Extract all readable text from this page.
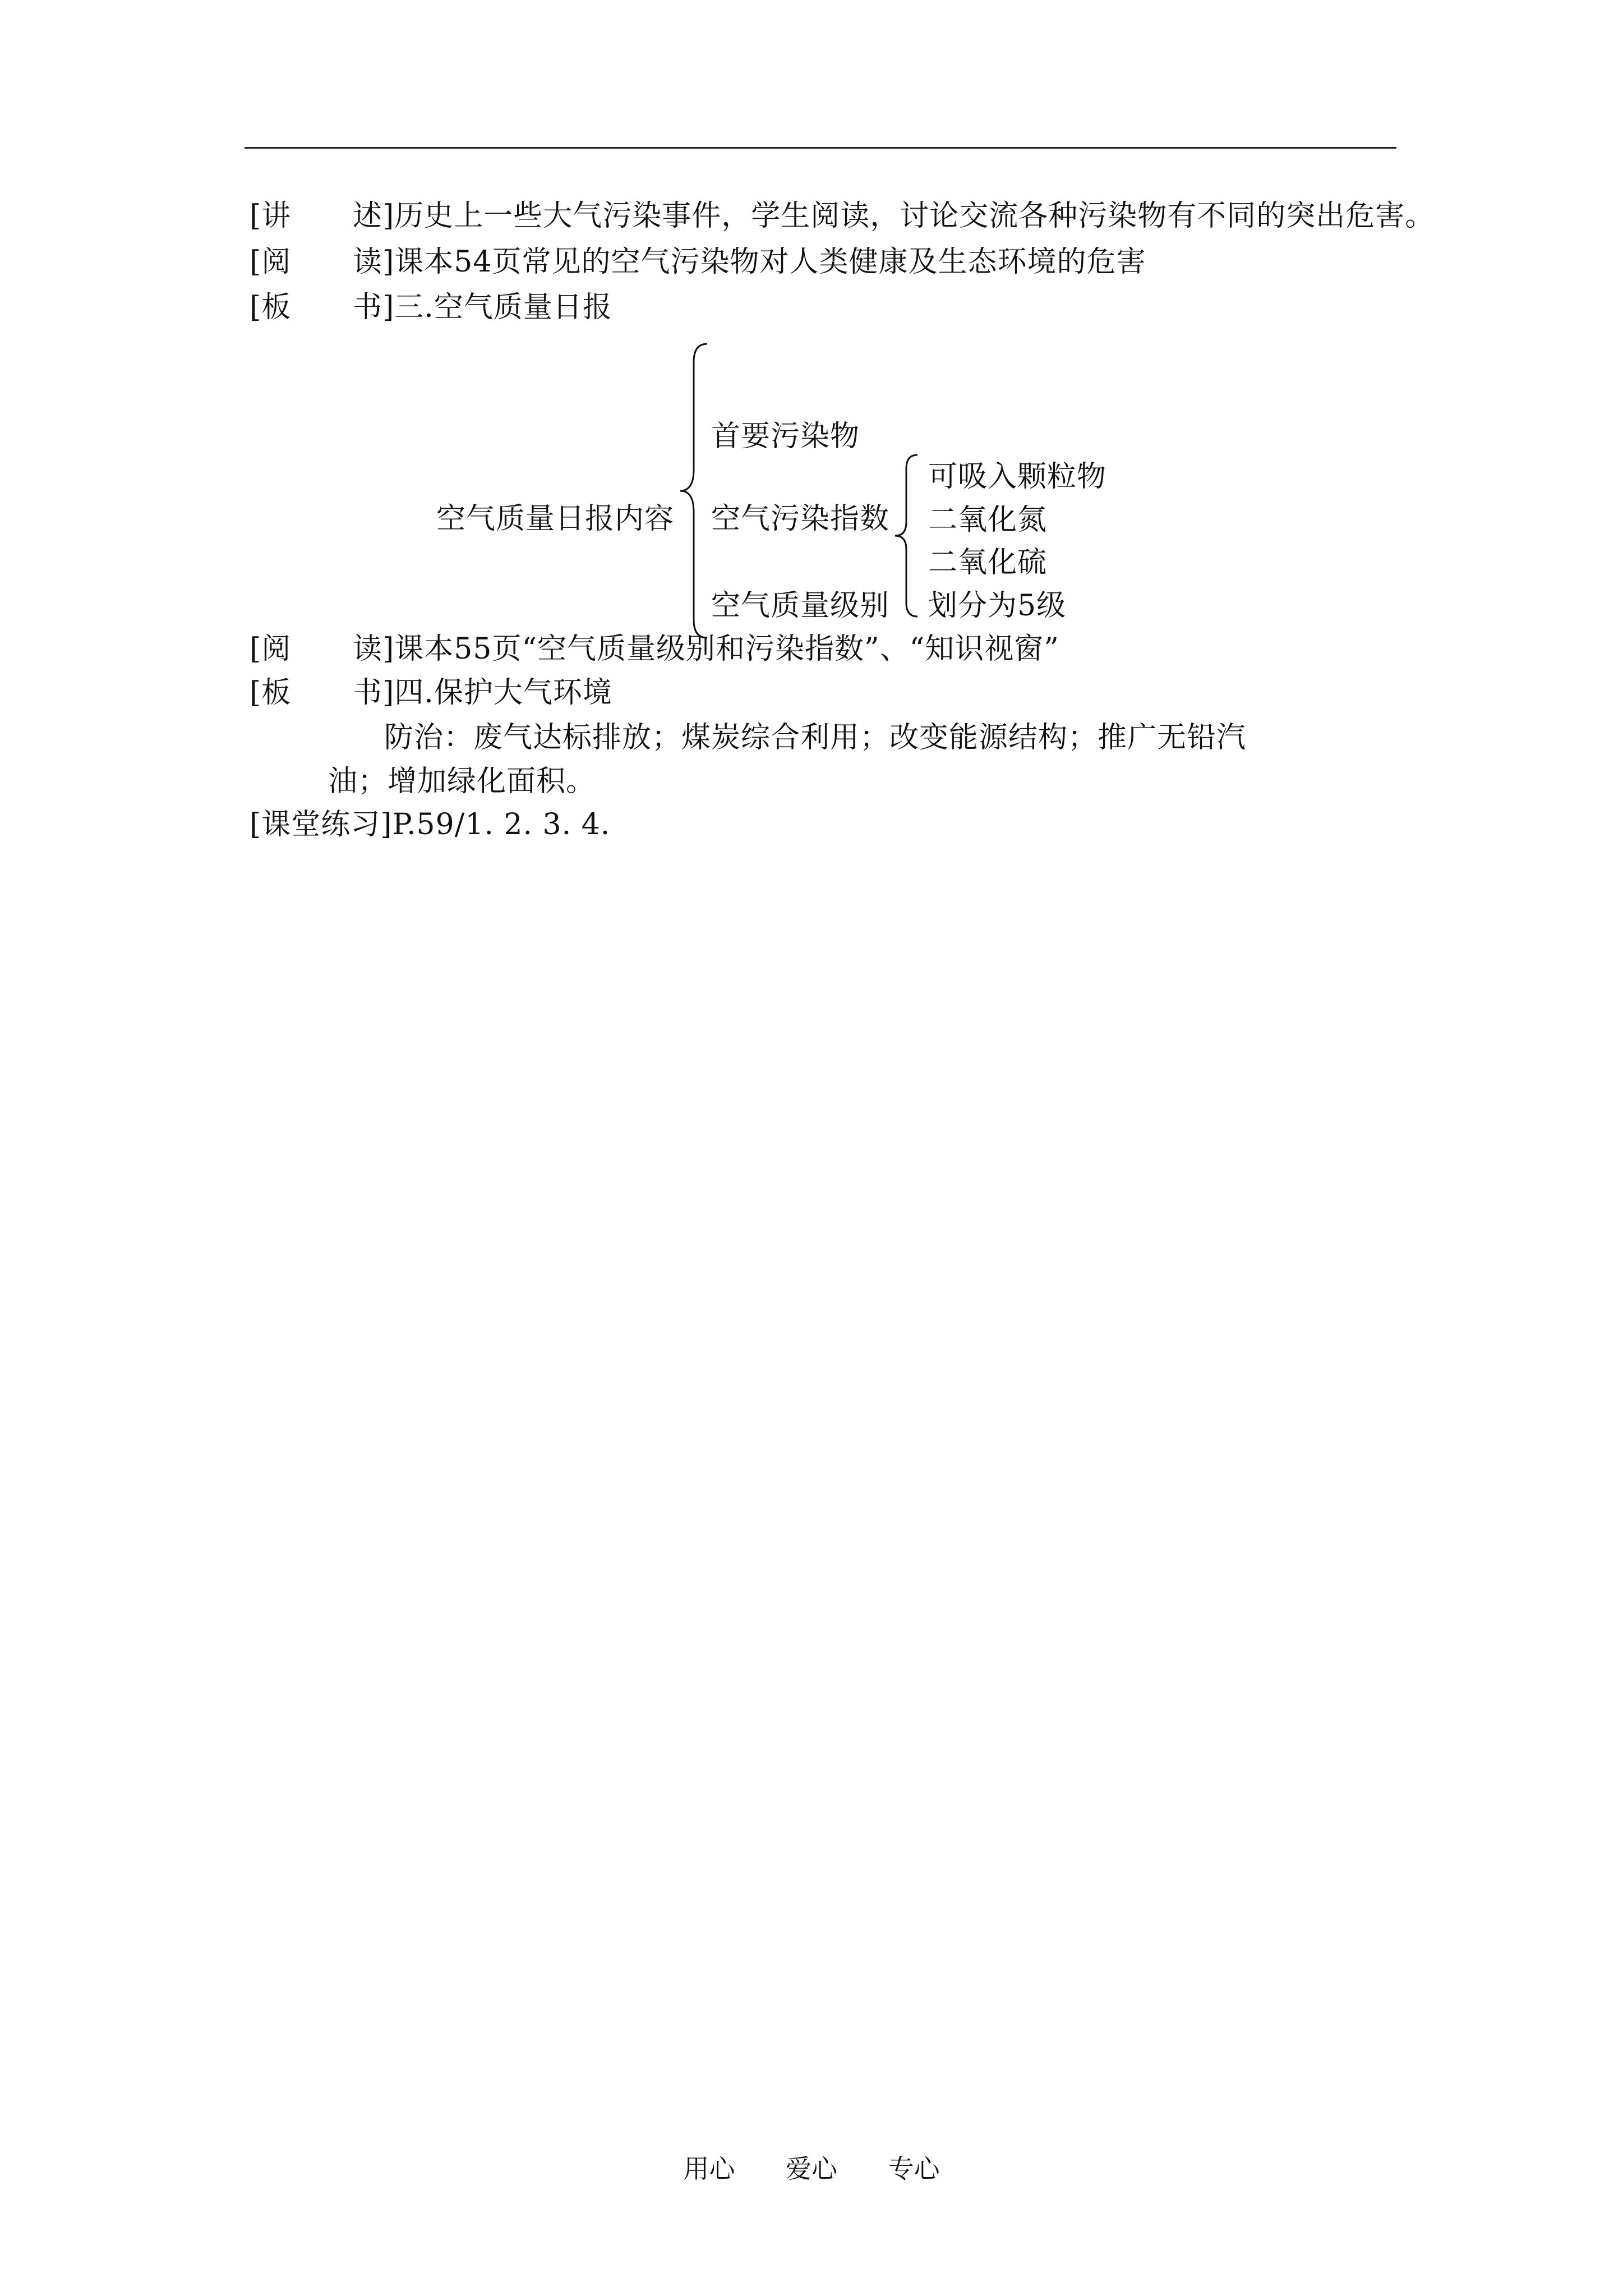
[讲 述]历史上一些大气污染事件，学生阅读，讨论交流各种污染物有不同的突出危害。
[阅 读]课本54页常见的空气污染物对人类健康及生态环境的危害
[板 书]三.空气质量日报
空气质量日报内容
首要污染物
空气污染指数
空气质量级别
可吸入颗粒物
二氧化氮
二氧化硫
划分为5级
[阅 读]课本55页“空气质量级别和污染指数”、“知识视窗”
[板 书]四.保护大气环境
防治：废气达标排放；煤炭综合利用；改变能源结构；推广无铅汽
油；增加绿化面积。
[课堂练习]P.59/1. 2. 3. 4.
用心 爱心 专心
